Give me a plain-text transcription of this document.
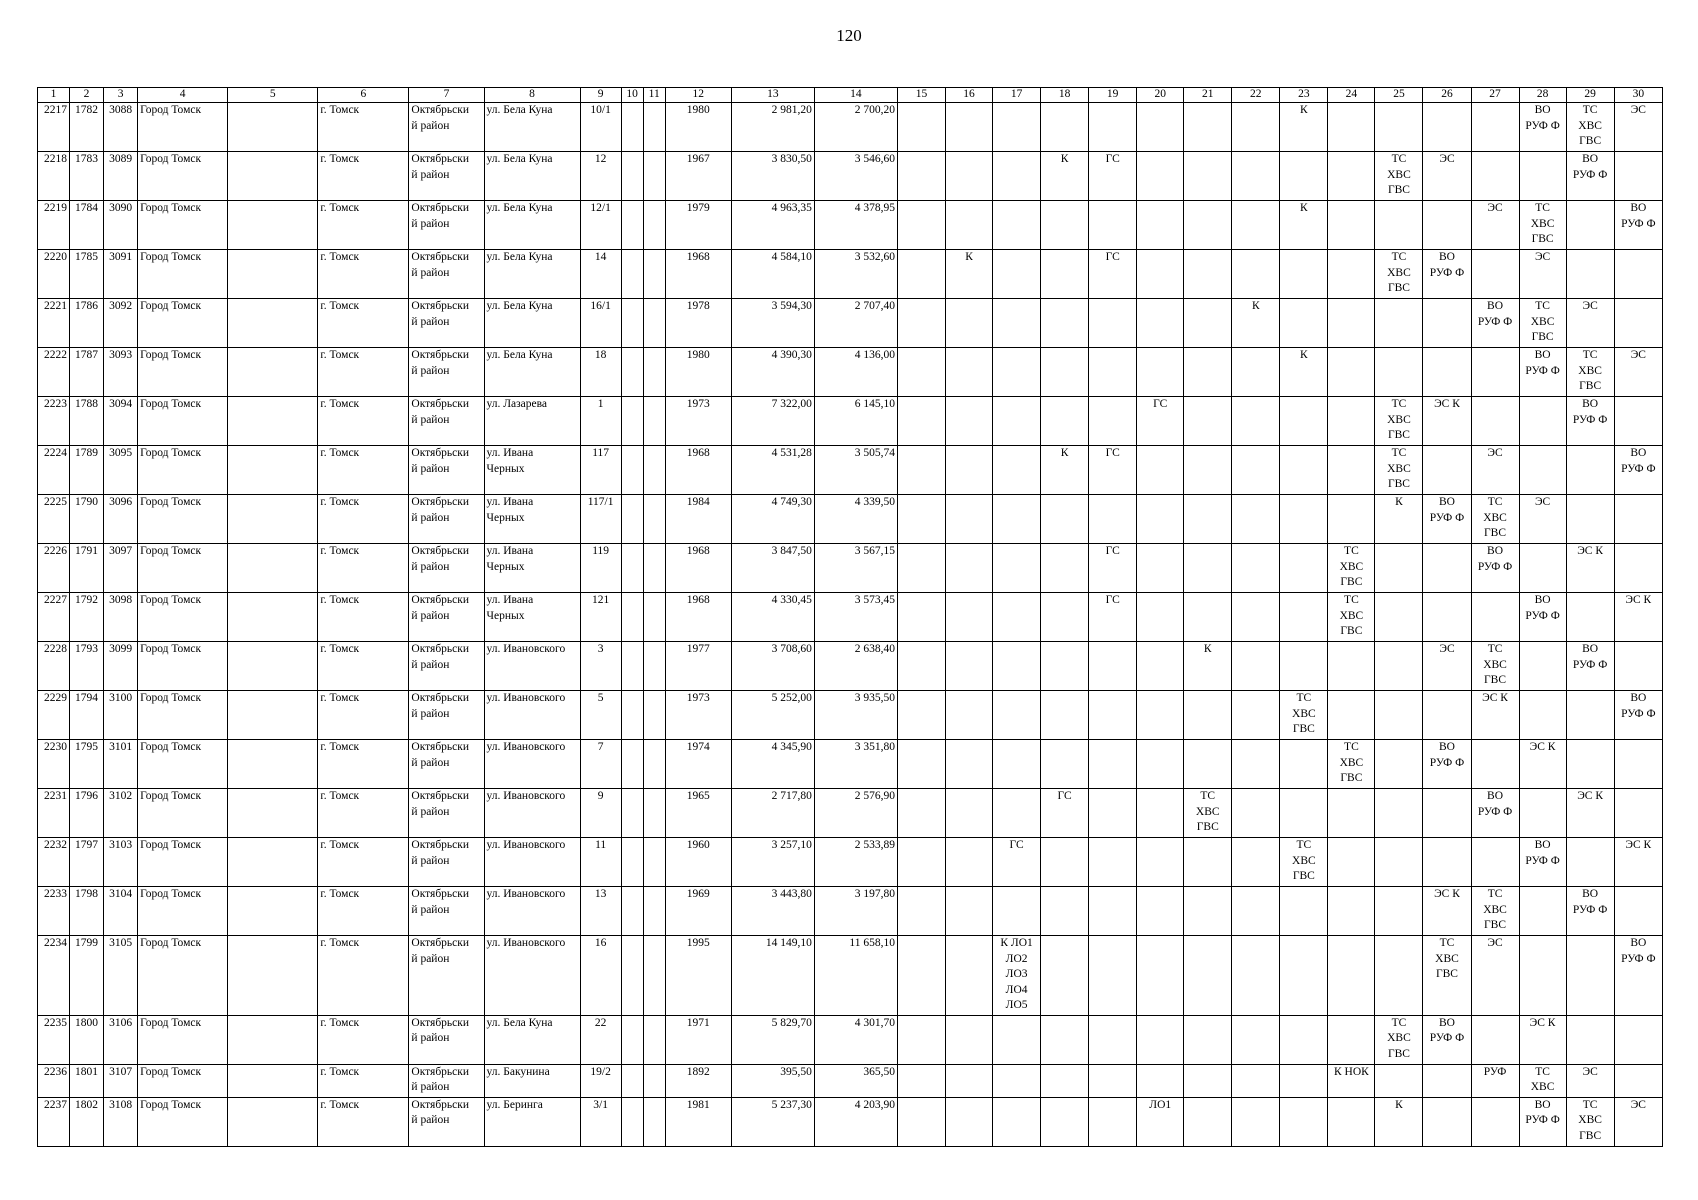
120
1	2	3	4	5	6	7	8	9	10	11	12	13	14	15	16	17	18	19	20	21	22	23	24	25	26	27	28	29	30
2217	1782	3088	Город Томск		г. Томск	Октябрьски
й район	ул. Бела Куна	10/1			1980	2 981,20	2 700,20									К					ВО
РУФ Ф	ТС
ХВС
ГВС	ЭС
2218	1783	3089	Город Томск		г. Томск	Октябрьски
й район	ул. Бела Куна	12			1967	3 830,50	3 546,60				К	ГС						ТС
ХВС
ГВС	ЭС			ВО
РУФ Ф	
2219	1784	3090	Город Томск		г. Томск	Октябрьски
й район	ул. Бела Куна	12/1			1979	4 963,35	4 378,95									К				ЭС	ТС
ХВС
ГВС		ВО
РУФ Ф
2220	1785	3091	Город Томск		г. Томск	Октябрьски
й район	ул. Бела Куна	14			1968	4 584,10	3 532,60		К			ГС						ТС
ХВС
ГВС	ВО
РУФ Ф		ЭС		
2221	1786	3092	Город Томск		г. Томск	Октябрьски
й район	ул. Бела Куна	16/1			1978	3 594,30	2 707,40								К					ВО
РУФ Ф	ТС
ХВС
ГВС	ЭС	
2222	1787	3093	Город Томск		г. Томск	Октябрьски
й район	ул. Бела Куна	18			1980	4 390,30	4 136,00									К					ВО
РУФ Ф	ТС
ХВС
ГВС	ЭС
2223	1788	3094	Город Томск		г. Томск	Октябрьски
й район	ул. Лазарева	1			1973	7 322,00	6 145,10						ГС					ТС
ХВС
ГВС	ЭС К			ВО
РУФ Ф	
2224	1789	3095	Город Томск		г. Томск	Октябрьски
й район	ул. Ивана
Черных	117			1968	4 531,28	3 505,74				К	ГС						ТС
ХВС
ГВС		ЭС			ВО
РУФ Ф
2225	1790	3096	Город Томск		г. Томск	Октябрьски
й район	ул. Ивана
Черных	117/1			1984	4 749,30	4 339,50											К	ВО
РУФ Ф	ТС
ХВС
ГВС	ЭС		
2226	1791	3097	Город Томск		г. Томск	Октябрьски
й район	ул. Ивана
Черных	119			1968	3 847,50	3 567,15					ГС					ТС
ХВС
ГВС			ВО
РУФ Ф		ЭС К	
2227	1792	3098	Город Томск		г. Томск	Октябрьски
й район	ул. Ивана
Черных	121			1968	4 330,45	3 573,45					ГС					ТС
ХВС
ГВС				ВО
РУФ Ф		ЭС К
2228	1793	3099	Город Томск		г. Томск	Октябрьски
й район	ул. Ивановского	3			1977	3 708,60	2 638,40							К					ЭС	ТС
ХВС
ГВС		ВО
РУФ Ф	
2229	1794	3100	Город Томск		г. Томск	Октябрьски
й район	ул. Ивановского	5			1973	5 252,00	3 935,50									ТС
ХВС
ГВС				ЭС К			ВО
РУФ Ф
2230	1795	3101	Город Томск		г. Томск	Октябрьски
й район	ул. Ивановского	7			1974	4 345,90	3 351,80										ТС
ХВС
ГВС		ВО
РУФ Ф		ЭС К		
2231	1796	3102	Город Томск		г. Томск	Октябрьски
й район	ул. Ивановского	9			1965	2 717,80	2 576,90				ГС			ТС
ХВС
ГВС						ВО
РУФ Ф		ЭС К	
2232	1797	3103	Город Томск		г. Томск	Октябрьски
й район	ул. Ивановского	11			1960	3 257,10	2 533,89			ГС						ТС
ХВС
ГВС					ВО
РУФ Ф		ЭС К
2233	1798	3104	Город Томск		г. Томск	Октябрьски
й район	ул. Ивановского	13			1969	3 443,80	3 197,80												ЭС К	ТС
ХВС
ГВС		ВО
РУФ Ф	
2234	1799	3105	Город Томск		г. Томск	Октябрьски
й район	ул. Ивановского	16			1995	14 149,10	11 658,10			К ЛО1
ЛО2
ЛО3
ЛО4
ЛО5									ТС
ХВС
ГВС	ЭС			ВО
РУФ Ф
2235	1800	3106	Город Томск		г. Томск	Октябрьски
й район	ул. Бела Куна	22			1971	5 829,70	4 301,70											ТС
ХВС
ГВС	ВО
РУФ Ф		ЭС К		
2236	1801	3107	Город Томск		г. Томск	Октябрьски
й район	ул. Бакунина	19/2			1892	395,50	365,50										К НОК			РУФ	ТС
ХВС	ЭС	
2237	1802	3108	Город Томск		г. Томск	Октябрьски
й район	ул. Беринга	3/1			1981	5 237,30	4 203,90						ЛО1					К			ВО
РУФ Ф	ТС
ХВС
ГВС	ЭС
